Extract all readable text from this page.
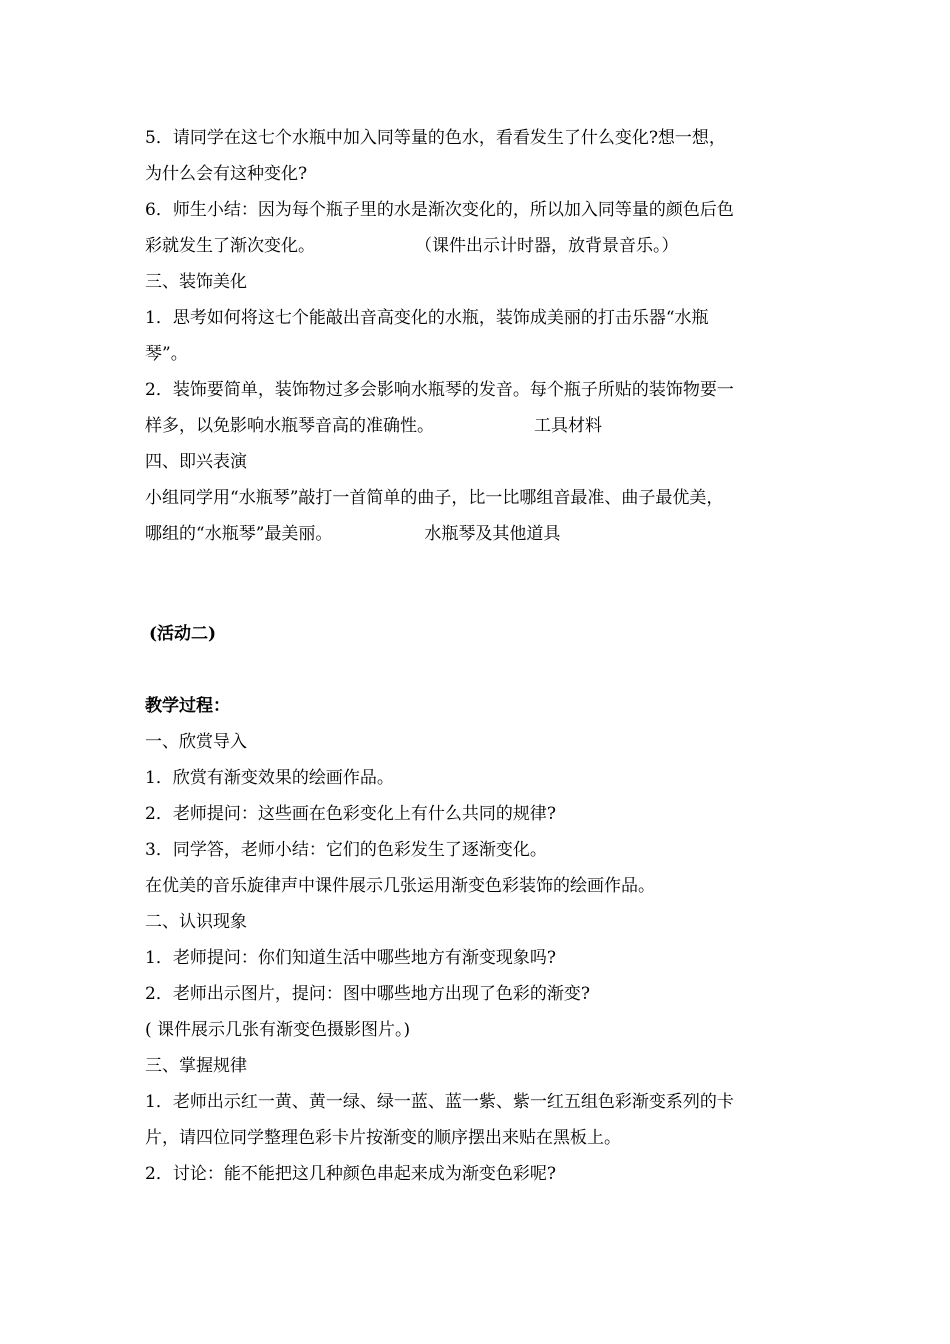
5．请同学在这七个水瓶中加入同等量的色水，看看发生了什么变化?想一想，
为什么会有这种变化?
6．师生小结：因为每个瓶子里的水是渐次变化的，所以加入同等量的颜色后色
彩就发生了渐次变化。	（课件出示计时器，放背景音乐。）
三、装饰美化
1．思考如何将这七个能敲出音高变化的水瓶，装饰成美丽的打击乐器“水瓶
琴”。
2．装饰要简单，装饰物过多会影响水瓶琴的发音。每个瓶子所贴的装饰物要一
样多，以免影响水瓶琴音高的准确性。	工具材料
四、即兴表演
小组同学用“水瓶琴”敲打一首简单的曲子，比一比哪组音最准、曲子最优美，
哪组的“水瓶琴”最美丽。	水瓶琴及其他道具
(活动二)
教学过程：
一、欣赏导入
1．欣赏有渐变效果的绘画作品。
2．老师提问：这些画在色彩变化上有什么共同的规律?
3．同学答，老师小结：它们的色彩发生了逐渐变化。
在优美的音乐旋律声中课件展示几张运用渐变色彩装饰的绘画作品。
二、认识现象
1．老师提问：你们知道生活中哪些地方有渐变现象吗?
2．老师出示图片，提问：图中哪些地方出现了色彩的渐变?
( 课件展示几张有渐变色摄影图片。)
三、掌握规律
1．老师出示红一黄、黄一绿、绿一蓝、蓝一紫、紫一红五组色彩渐变系列的卡
片，请四位同学整理色彩卡片按渐变的顺序摆出来贴在黑板上。
2．讨论：能不能把这几种颜色串起来成为渐变色彩呢?
